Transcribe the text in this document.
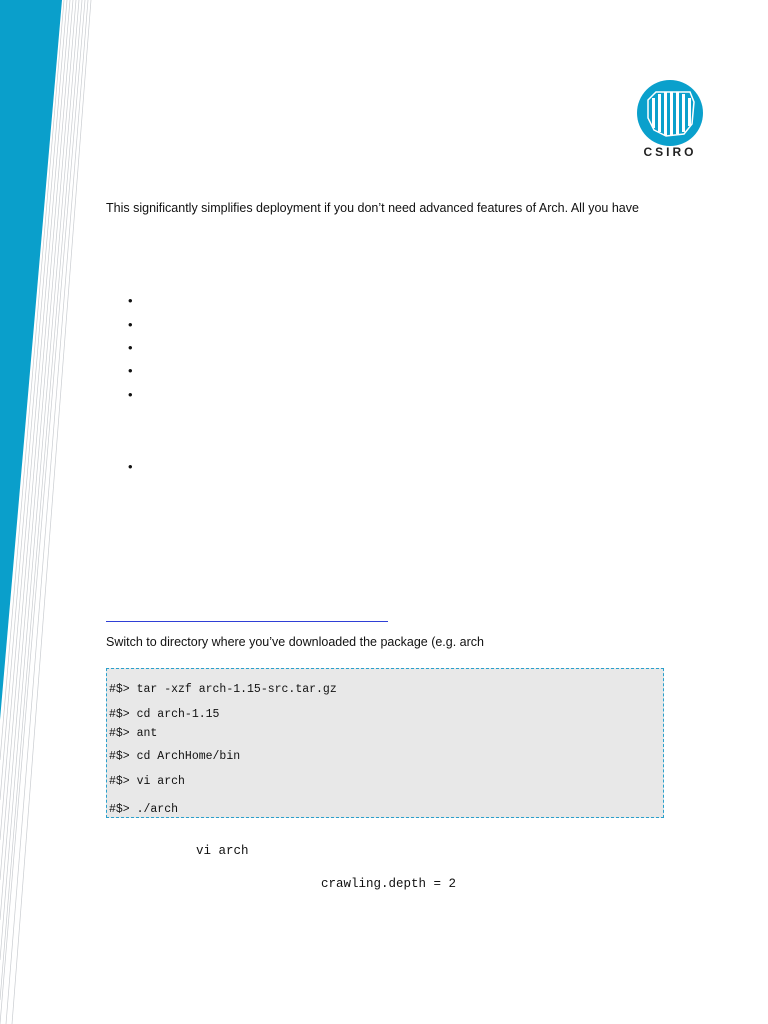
CSIRO
This significantly simplifies deployment if you don’t need advanced features of Arch. All you have
•
•
•
•
•
•
Switch to directory where you’ve downloaded the package (e.g. arch
#$> tar -xzf arch-1.15-src.tar.gz
#$> cd arch-1.15
#$> ant
#$> cd ArchHome/bin
#$> vi arch
#$> ./arch
vi arch
crawling.depth = 2
